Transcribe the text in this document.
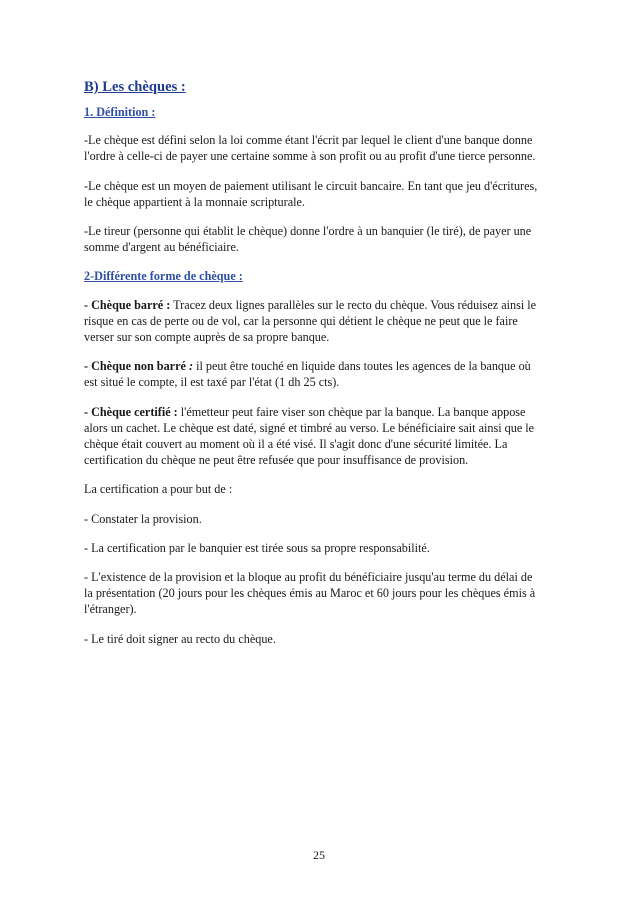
B) Les chèques :
1. Définition :

-Le chèque est défini selon la loi comme étant l'écrit par lequel le client d'une banque donne l'ordre à celle-ci de payer une certaine somme à son profit ou au profit d'une tierce personne.

-Le chèque est un moyen de paiement utilisant le circuit bancaire. En tant que jeu d'écritures, le chèque appartient à la monnaie scripturale.

-Le tireur (personne qui établit le chèque) donne l'ordre à un banquier (le tiré), de payer une somme d'argent au bénéficiaire.

2-Différente forme de chèque :

- Chèque barré : Tracez deux lignes parallèles sur le recto du chèque. Vous réduisez ainsi le risque en cas de perte ou de vol, car la personne qui détient le chèque ne peut que le faire verser sur son compte auprès de sa propre banque.

- Chèque non barré : il peut être touché en liquide dans toutes les agences de la banque où est situé le compte, il est taxé par l'état (1 dh 25 cts).

- Chèque certifié : l'émetteur peut faire viser son chèque par la banque. La banque appose alors un cachet. Le chèque est daté, signé et timbré au verso. Le bénéficiaire sait ainsi que le chèque était couvert au moment où il a été visé. Il s'agit donc d'une sécurité limitée. La certification du chèque ne peut être refusée que pour insuffisance de provision.

La certification a pour but de :

- Constater la provision.

- La certification par le banquier est tirée sous sa propre responsabilité.

- L'existence de la provision et la bloque au profit du bénéficiaire jusqu'au terme du délai de la présentation (20 jours pour les chèques émis au Maroc et 60 jours pour les chèques émis à l'étranger).

- Le tiré doit signer au recto du chèque.

25
